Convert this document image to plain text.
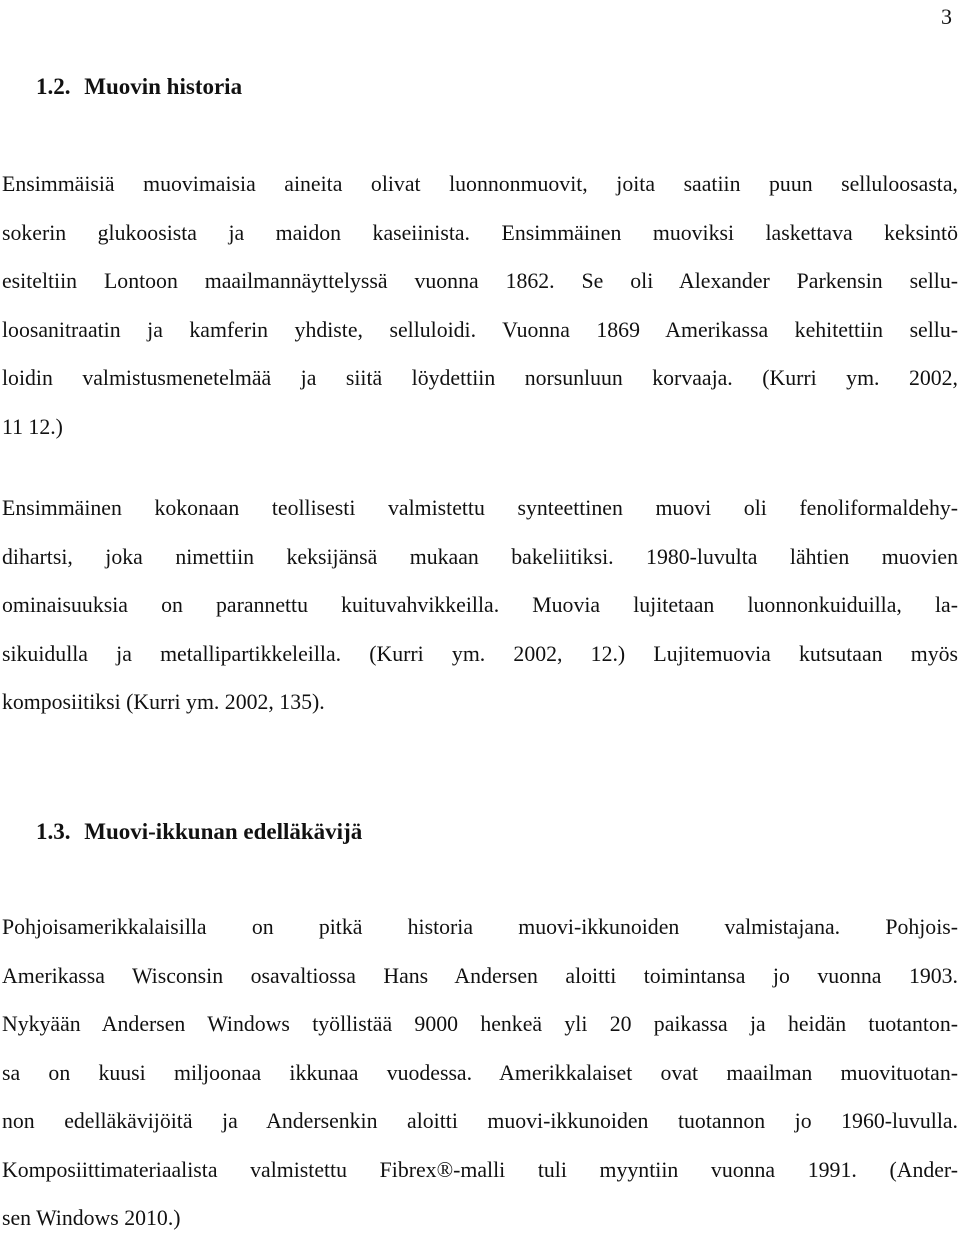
3
1.2. Muovin historia
Ensimmäisiä muovimaisia aineita olivat luonnonmuovit, joita saatiin puun selluloosasta,
sokerin glukoosista ja maidon kaseiinista. Ensimmäinen muoviksi laskettava keksintö
esiteltiin Lontoon maailmannäyttelyssä vuonna 1862. Se oli Alexander Parkensin sellu-
loosanitraatin ja kamferin yhdiste, selluloidi. Vuonna 1869 Amerikassa kehitettiin sellu-
loidin valmistusmenetelmää ja siitä löydettiin norsunluun korvaaja. (Kurri ym. 2002,
11 12.)
Ensimmäinen kokonaan teollisesti valmistettu synteettinen muovi oli fenoliformaldehy-
dihartsi, joka nimettiin keksijänsä mukaan bakeliitiksi. 1980-luvulta lähtien muovien
ominaisuuksia on parannettu kuituvahvikkeilla. Muovia lujitetaan luonnonkuiduilla, la-
sikuidulla ja metallipartikkeleilla. (Kurri ym. 2002, 12.) Lujitemuovia kutsutaan myös
komposiitiksi (Kurri ym. 2002, 135).
1.3. Muovi-ikkunan edelläkävijä
Pohjoisamerikkalaisilla on pitkä historia muovi-ikkunoiden valmistajana. Pohjois-
Amerikassa Wisconsin osavaltiossa Hans Andersen aloitti toimintansa jo vuonna 1903.
Nykyään Andersen Windows työllistää 9000 henkeä yli 20 paikassa ja heidän tuotanton-
sa on kuusi miljoonaa ikkunaa vuodessa. Amerikkalaiset ovat maailman muovituotan-
non edelläkävijöitä ja Andersenkin aloitti muovi-ikkunoiden tuotannon jo 1960-luvulla.
Komposiittimateriaalista valmistettu Fibrex®-malli tuli myyntiin vuonna 1991. (Ander-
sen Windows 2010.)
